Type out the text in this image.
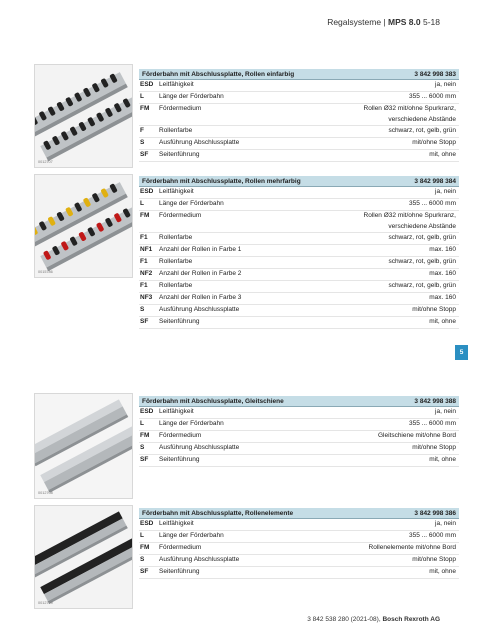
Regalsysteme | MPS 8.0 5-18
0012707
Förderbahn mit Abschlussplatte, Rollen einfarbig	3 842 998 383
ESD Leitfähigkeit	ja, nein
L	Länge der Förderbahn	355 ... 6000 mm
FM	Fördermedium	Rollen Ø32 mit/ohne Spurkranz,
verschiedene Abstände
F	Rollenfarbe	schwarz, rot, gelb, grün
S	Ausführung Abschlussplatte	mit/ohne Stopp
SF	Seitenführung	mit, ohne
0015786
Förderbahn mit Abschlussplatte, Rollen mehrfarbig	3 842 998 384
ESD Leitfähigkeit	ja, nein
L	Länge der Förderbahn	355 ... 6000 mm
FM	Fördermedium	Rollen Ø32 mit/ohne Spurkranz,
verschiedene Abstände
F1	Rollenfarbe	schwarz, rot, gelb, grün
NF1	Anzahl der Rollen in Farbe 1	max. 160
F1	Rollenfarbe	schwarz, rot, gelb, grün
NF2	Anzahl der Rollen in Farbe 2	max. 160
F1	Rollenfarbe	schwarz, rot, gelb, grün
NF3	Anzahl der Rollen in Farbe 3	max. 160
S	Ausführung Abschlussplatte	mit/ohne Stopp
SF	Seitenführung	mit, ohne
5
0012708
Förderbahn mit Abschlussplatte, Gleitschiene	3 842 998 388
ESD Leitfähigkeit	ja, nein
L	Länge der Förderbahn	355 ... 6000 mm
FM	Fördermedium	Gleitschiene mit/ohne Bord
S	Ausführung Abschlussplatte	mit/ohne Stopp
SF	Seitenführung	mit, ohne
0012709
Förderbahn mit Abschlussplatte, Rollenelemente	3 842 998 386
ESD Leitfähigkeit	ja, nein
L	Länge der Förderbahn	355 ... 6000 mm
FM	Fördermedium	Rollenelemente mit/ohne Bord
S	Ausführung Abschlussplatte	mit/ohne Stopp
SF	Seitenführung	mit, ohne
3 842 538 280 (2021-08), Bosch Rexroth AG
